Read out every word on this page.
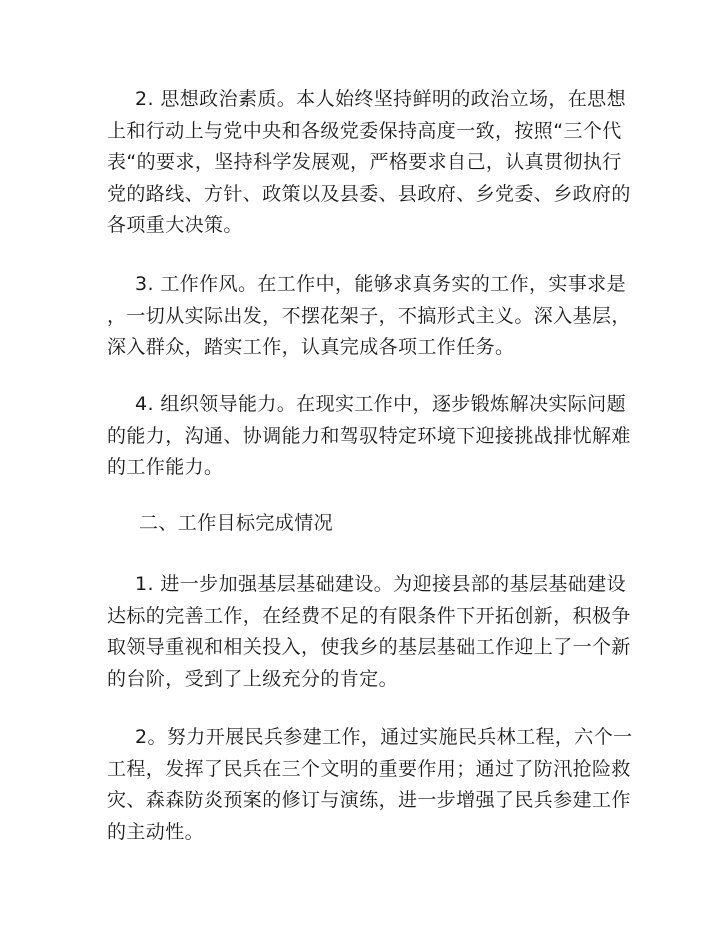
2. 思想政治素质。本人始终坚持鲜明的政治立场，在思想
上和行动上与党中央和各级党委保持高度一致，按照“三个代
表“的要求，坚持科学发展观，严格要求自己，认真贯彻执行
党的路线、方针、政策以及县委、县政府、乡党委、乡政府的
各项重大决策。
3. 工作作风。在工作中，能够求真务实的工作，实事求是
，一切从实际出发，不摆花架子，不搞形式主义。深入基层，
深入群众，踏实工作，认真完成各项工作任务。
4. 组织领导能力。在现实工作中，逐步锻炼解决实际问题
的能力，沟通、协调能力和驾驭特定环境下迎接挑战排忧解难
的工作能力。
二、工作目标完成情况
1. 进一步加强基层基础建设。为迎接县部的基层基础建设
达标的完善工作，在经费不足的有限条件下开拓创新，积极争
取领导重视和相关投入，使我乡的基层基础工作迎上了一个新
的台阶，受到了上级充分的肯定。
2。努力开展民兵参建工作，通过实施民兵林工程，六个一
工程，发挥了民兵在三个文明的重要作用；通过了防汛抢险救
灾、森森防炎预案的修订与演练，进一步增强了民兵参建工作
的主动性。
